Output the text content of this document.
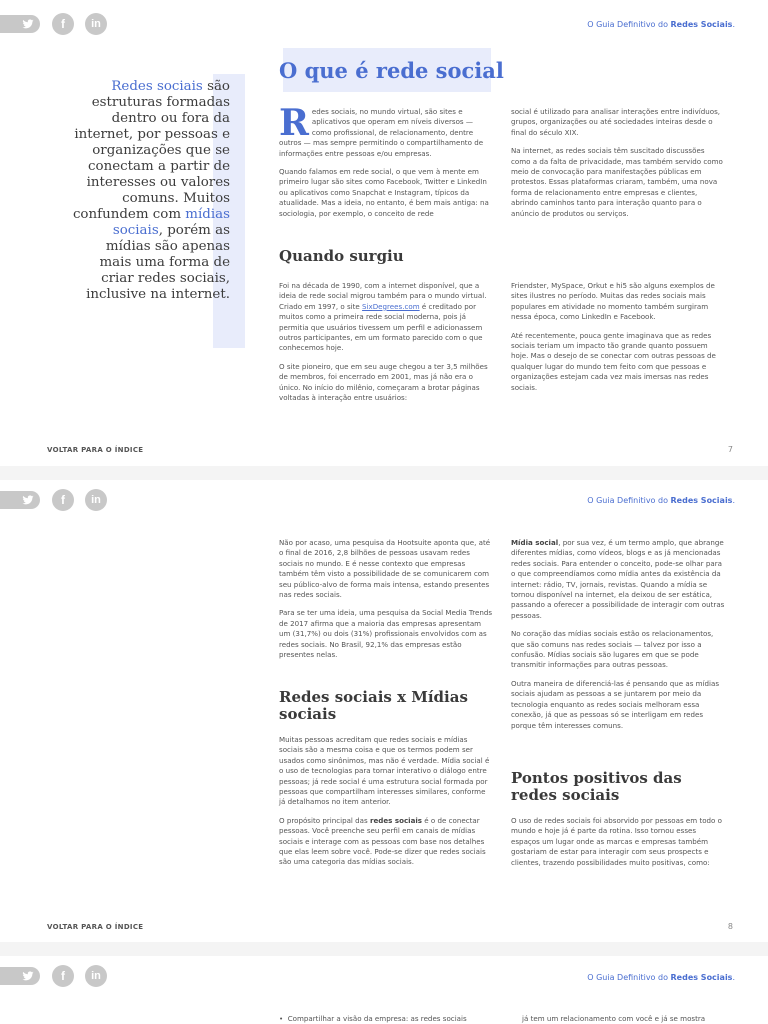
f	in	O Guia Definitivo do Redes Sociais.
Redes sociais são estruturas formadas dentro ou fora da internet, por pessoas e organizações que se conectam a partir de interesses ou valores comuns. Muitos confundem com mídias sociais, porém as mídias são apenas mais uma forma de criar redes sociais, inclusive na internet.
O que é rede social

Redes sociais, no mundo virtual, são sites e aplicativos que operam em níveis diversos — como profissional, de relacionamento, dentre outros — mas sempre permitindo o compartilhamento de informações entre pessoas e/ou empresas.

Quando falamos em rede social, o que vem à mente em primeiro lugar são sites como Facebook, Twitter e LinkedIn ou aplicativos como Snapchat e Instagram, típicos da atualidade. Mas a ideia, no entanto, é bem mais antiga: na sociologia, por exemplo, o conceito de rede

social é utilizado para analisar interações entre indivíduos, grupos, organizações ou até sociedades inteiras desde o final do século XIX.

Na internet, as redes sociais têm suscitado discussões como a da falta de privacidade, mas também servido como meio de convocação para manifestações públicas em protestos. Essas plataformas criaram, também, uma nova forma de relacionamento entre empresas e clientes, abrindo caminhos tanto para interação quanto para o anúncio de produtos ou serviços.

Quando surgiu

Foi na década de 1990, com a internet disponível, que a ideia de rede social migrou também para o mundo virtual. Criado em 1997, o site SixDegrees.com é creditado por muitos como a primeira rede social moderna, pois já permitia que usuários tivessem um perfil e adicionassem outros participantes, em um formato parecido com o que conhecemos hoje.

O site pioneiro, que em seu auge chegou a ter 3,5 milhões de membros, foi encerrado em 2001, mas já não era o único. No início do milênio, começaram a brotar páginas voltadas à interação entre usuários:

Friendster, MySpace, Orkut e hi5 são alguns exemplos de sites ilustres no período. Muitas das redes sociais mais populares em atividade no momento também surgiram nessa época, como LinkedIn e Facebook.

Até recentemente, pouca gente imaginava que as redes sociais teriam um impacto tão grande quanto possuem hoje. Mas o desejo de se conectar com outras pessoas de qualquer lugar do mundo tem feito com que pessoas e organizações estejam cada vez mais imersas nas redes sociais.

VOLTAR PARA O ÍNDICE	7
f	in	O Guia Definitivo do Redes Sociais.

Não por acaso, uma pesquisa da Hootsuite aponta que, até o final de 2016, 2,8 bilhões de pessoas usavam redes sociais no mundo. E é nesse contexto que empresas também têm visto a possibilidade de se comunicarem com seu público-alvo de forma mais intensa, estando presentes nas redes sociais.

Para se ter uma ideia, uma pesquisa da Social Media Trends de 2017 afirma que a maioria das empresas apresentam um (31,7%) ou dois (31%) profissionais envolvidos com as redes sociais. No Brasil, 92,1% das empresas estão presentes nelas.

Redes sociais x Mídias sociais

Muitas pessoas acreditam que redes sociais e mídias sociais são a mesma coisa e que os termos podem ser usados como sinônimos, mas não é verdade. Mídia social é o uso de tecnologias para tornar interativo o diálogo entre pessoas; já rede social é uma estrutura social formada por pessoas que compartilham interesses similares, conforme já detalhamos no item anterior.

O propósito principal das redes sociais é o de conectar pessoas. Você preenche seu perfil em canais de mídias sociais e interage com as pessoas com base nos detalhes que elas leem sobre você. Pode-se dizer que redes sociais são uma categoria das mídias sociais.

Mídia social, por sua vez, é um termo amplo, que abrange diferentes mídias, como vídeos, blogs e as já mencionadas redes sociais. Para entender o conceito, pode-se olhar para o que compreendíamos como mídia antes da existência da internet: rádio, TV, jornais, revistas. Quando a mídia se tornou disponível na internet, ela deixou de ser estática, passando a oferecer a possibilidade de interagir com outras pessoas.

No coração das mídias sociais estão os relacionamentos, que são comuns nas redes sociais — talvez por isso a confusão. Mídias sociais são lugares em que se pode transmitir informações para outras pessoas.

Outra maneira de diferenciá-las é pensando que as mídias sociais ajudam as pessoas a se juntarem por meio da tecnologia enquanto as redes sociais melhoram essa conexão, já que as pessoas só se interligam em redes porque têm interesses comuns.

Pontos positivos das redes sociais

O uso de redes sociais foi absorvido por pessoas em todo o mundo e hoje já é parte da rotina. Isso tornou esses espaços um lugar onde as marcas e empresas também gostariam de estar para interagir com seus prospects e clientes, trazendo possibilidades muito positivas, como:

VOLTAR PARA O ÍNDICE	8
f	in	O Guia Definitivo do Redes Sociais.
•  Compartilhar a visão da empresa: as redes sociais	já tem um relacionamento com você e já se mostra
